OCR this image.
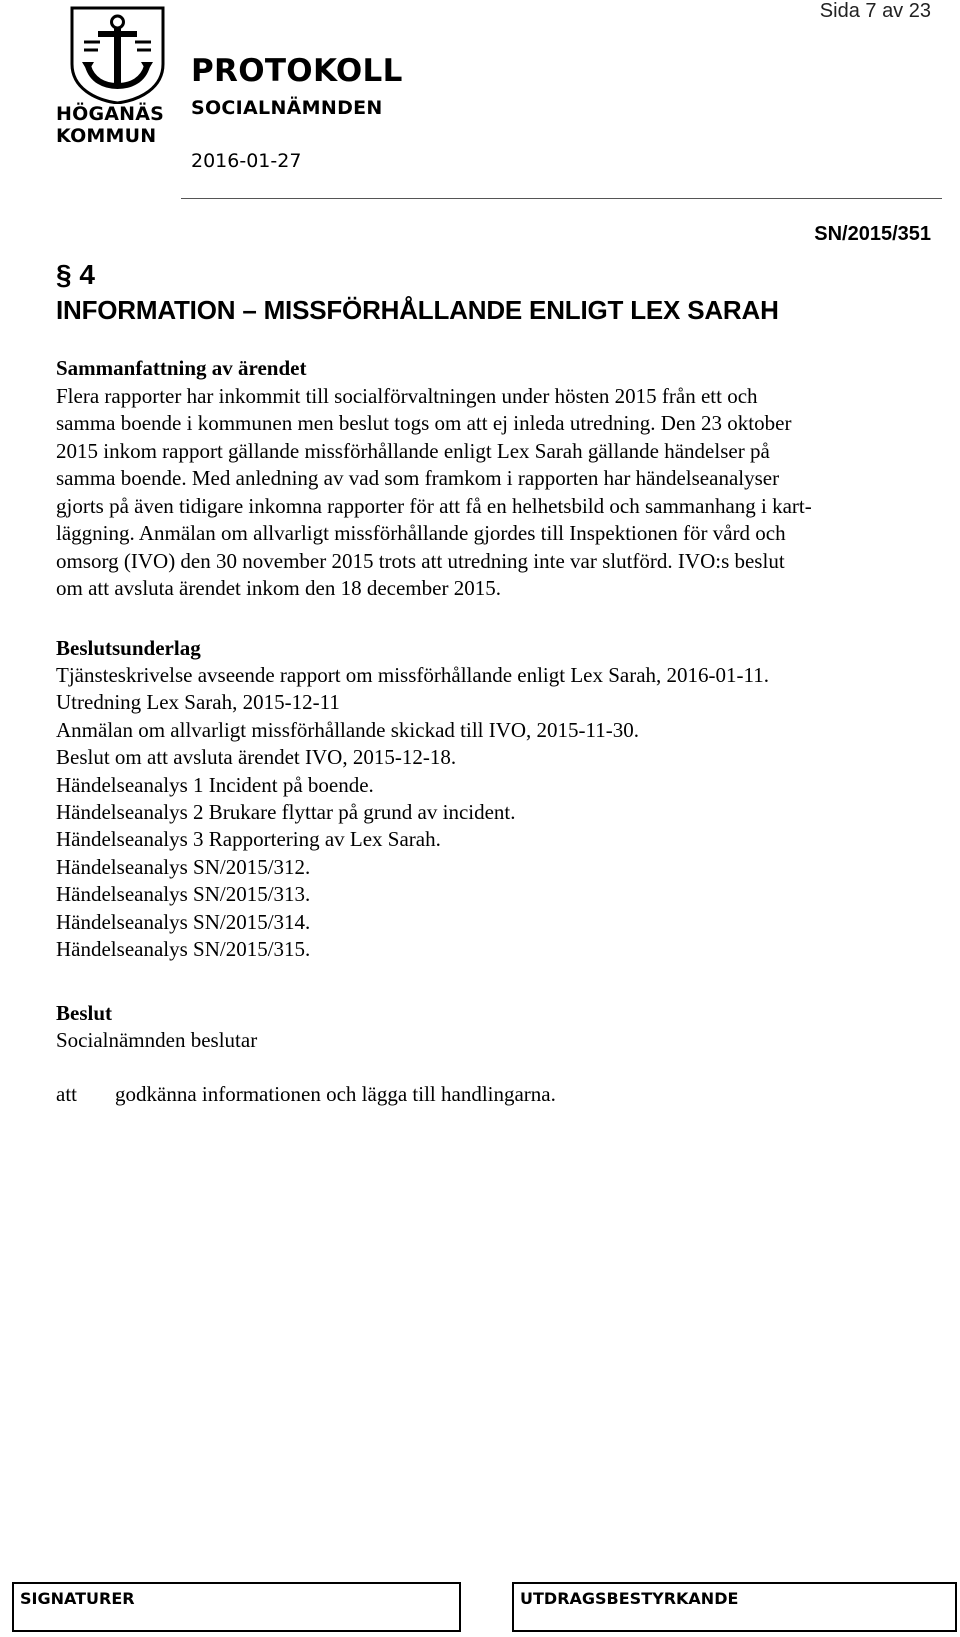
HÖGANÄS
KOMMUN
Sida 7 av 23
PROTOKOLL
SOCIALNÄMNDEN
2016-01-27
SN/2015/351
§ 4
INFORMATION – MISSFÖRHÅLLANDE ENLIGT LEX SARAH

Sammanfattning av ärendet

Flera rapporter har inkommit till socialförvaltningen under hösten 2015 från ett och

samma boende i kommunen men beslut togs om att ej inleda utredning. Den 23 oktober

2015 inkom rapport gällande missförhållande enligt Lex Sarah gällande händelser på

samma boende. Med anledning av vad som framkom i rapporten har händelseanalyser

gjorts på även tidigare inkomna rapporter för att få en helhetsbild och sammanhang i kart-

läggning. Anmälan om allvarligt missförhållande gjordes till Inspektionen för vård och

omsorg (IVO) den 30 november 2015 trots att utredning inte var slutförd. IVO:s beslut

om att avsluta ärendet inkom den 18 december 2015.

Beslutsunderlag

Tjänsteskrivelse avseende rapport om missförhållande enligt Lex Sarah, 2016-01-11.
Utredning Lex Sarah, 2015-12-11
Anmälan om allvarligt missförhållande skickad till IVO, 2015-11-30.
Beslut om att avsluta ärendet IVO, 2015-12-18.
Händelseanalys 1 Incident på boende.
Händelseanalys 2 Brukare flyttar på grund av incident.
Händelseanalys 3 Rapportering av Lex Sarah.
Händelseanalys SN/2015/312.
Händelseanalys SN/2015/313.
Händelseanalys SN/2015/314.
Händelseanalys SN/2015/315.

Beslut

Socialnämnden beslutar

att	godkänna informationen och lägga till handlingarna.
SIGNATURER	UTDRAGSBESTYRKANDE
